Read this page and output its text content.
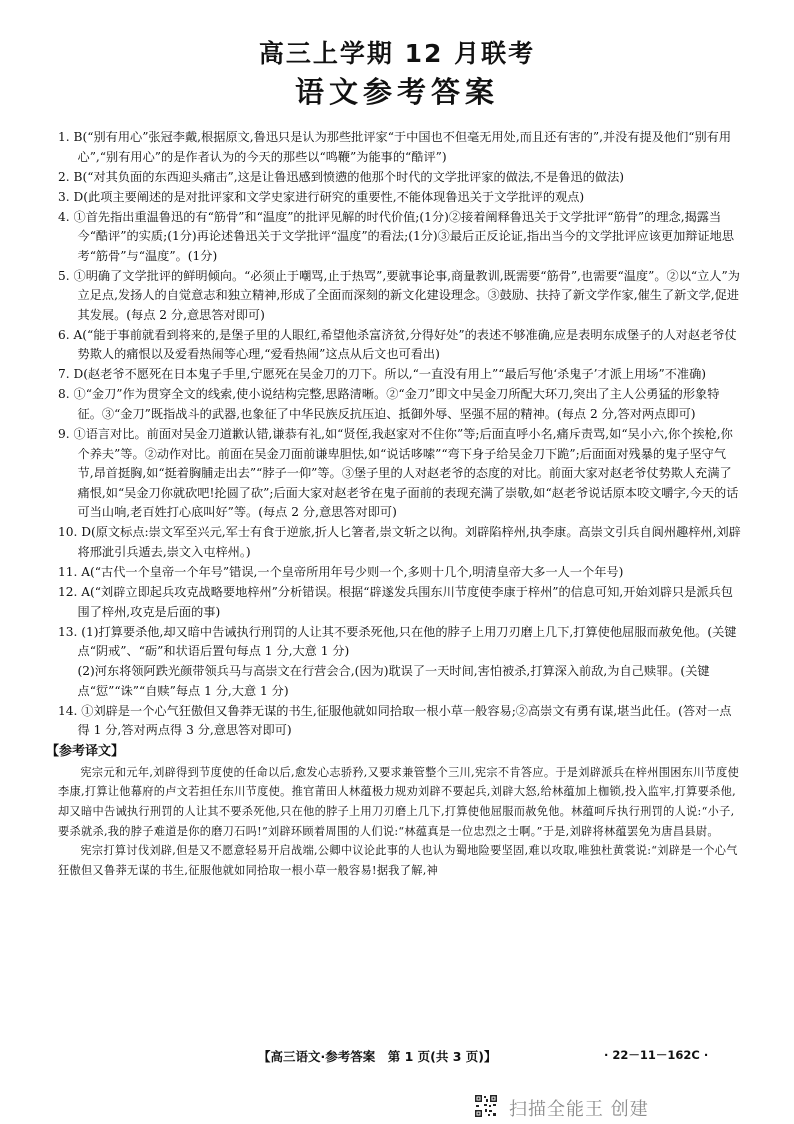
高三上学期 12 月联考
语文参考答案

1. B(“别有用心”张冠李戴,根据原文,鲁迅只是认为那些批评家“于中国也不但毫无用处,而且还有害的”,并没有提及他们“别有用心”,“别有用心”的是作者认为的今天的那些以“鸣鞭”为能事的“酷评”)

2. B(“对其负面的东西迎头痛击”,这是让鲁迅感到愤懑的他那个时代的文学批评家的做法,不是鲁迅的做法)

3. D(此项主要阐述的是对批评家和文学史家进行研究的重要性,不能体现鲁迅关于文学批评的观点)

4. ①首先指出重温鲁迅的有“筋骨”和“温度”的批评见解的时代价值;(1分)②接着阐释鲁迅关于文学批评“筋骨”的理念,揭露当今“酷评”的实质;(1分)再论述鲁迅关于文学批评“温度”的看法;(1分)③最后正反论证,指出当今的文学批评应该更加辩证地思考“筋骨”与“温度”。(1分)

5. ①明确了文学批评的鲜明倾向。“必须止于嘲骂,止于热骂”,要就事论事,商量教训,既需要“筋骨”,也需要“温度”。②以“立人”为立足点,发扬人的自觉意志和独立精神,形成了全面而深刻的新文化建设理念。③鼓励、扶持了新文学作家,催生了新文学,促进其发展。(每点 2 分,意思答对即可)

6. A(“能于事前就看到将来的,是堡子里的人眼红,希望他杀富济贫,分得好处”的表述不够准确,应是表明东成堡子的人对赵老爷仗势欺人的痛恨以及爱看热闹等心理,“爱看热闹”这点从后文也可看出)

7. D(赵老爷不愿死在日本鬼子手里,宁愿死在吴金刀的刀下。所以,“一直没有用上”“最后写他‘杀鬼子’才派上用场”不准确)

8. ①“金刀”作为贯穿全文的线索,使小说结构完整,思路清晰。②“金刀”即文中吴金刀所配大环刀,突出了主人公勇猛的形象特征。③“金刀”既指战斗的武器,也象征了中华民族反抗压迫、抵御外辱、坚强不屈的精神。(每点 2 分,答对两点即可)

9. ①语言对比。前面对吴金刀道歉认错,谦恭有礼,如“贤侄,我赵家对不住你”等;后面直呼小名,痛斥责骂,如“吴小六,你个挨枪,你个养夫”等。②动作对比。前面在吴金刀面前谦卑胆怯,如“说话哆嗦”“弯下身子给吴金刀下跪”;后面面对残暴的鬼子坚守气节,昂首挺胸,如“挺着胸脯走出去”“脖子一仰”等。③堡子里的人对赵老爷的态度的对比。前面大家对赵老爷仗势欺人充满了痛恨,如“吴金刀你就砍吧!抡圆了砍”;后面大家对赵老爷在鬼子面前的表现充满了崇敬,如“赵老爷说话原本咬文嚼字,今天的话可当山响,老百姓打心底叫好”等。(每点 2 分,意思答对即可)

10. D(原文标点:崇文军至兴元,军士有食于逆旅,折人匕箸者,崇文斩之以徇。刘辟陷梓州,执李康。高崇文引兵自阆州趣梓州,刘辟将邢泚引兵遁去,崇文入屯梓州。)

11. A(“古代一个皇帝一个年号”错误,一个皇帝所用年号少则一个,多则十几个,明清皇帝大多一人一个年号)

12. A(“刘辟立即起兵攻克战略要地梓州”分析错误。根据“辟遂发兵围东川节度使李康于梓州”的信息可知,开始刘辟只是派兵包围了梓州,攻克是后面的事)

13. (1)打算要杀他,却又暗中告诫执行刑罚的人让其不要杀死他,只在他的脖子上用刀刃磨上几下,打算使他屈服而赦免他。(关键点“阴戒”、“砺”和状语后置句每点 1 分,大意 1 分)

(2)河东将领阿跌光颜带领兵马与高崇文在行营会合,(因为)耽误了一天时间,害怕被杀,打算深入前敌,为自己赎罪。(关键点“愆”“诛”“自赎”每点 1 分,大意 1 分)

14. ①刘辟是一个心气狂傲但又鲁莽无谋的书生,征服他就如同拾取一根小草一般容易;②高崇文有勇有谋,堪当此任。(答对一点得 1 分,答对两点得 3 分,意思答对即可)

【参考译文】

宪宗元和元年,刘辟得到节度使的任命以后,愈发心志骄矜,又要求兼管整个三川,宪宗不肯答应。于是刘辟派兵在梓州围困东川节度使李康,打算让他幕府的卢文若担任东川节度使。推官莆田人林蕴极力规劝刘辟不要起兵,刘辟大怒,给林蕴加上枷锁,投入监牢,打算要杀他,却又暗中告诫执行刑罚的人让其不要杀死他,只在他的脖子上用刀刃磨上几下,打算使他屈服而赦免他。林蕴呵斥执行刑罚的人说:“小子,要杀就杀,我的脖子难道是你的磨刀石吗!”刘辟环顾着周围的人们说:“林蕴真是一位忠烈之士啊。”于是,刘辟将林蕴罢免为唐昌县尉。

宪宗打算讨伐刘辟,但是又不愿意轻易开启战端,公卿中议论此事的人也认为蜀地险要坚固,难以攻取,唯独杜黄裳说:“刘辟是一个心气狂傲但又鲁莽无谋的书生,征服他就如同拾取一根小草一般容易!据我了解,神

【高三语文·参考答案　第 1 页(共 3 页)】	· 22－11－162C ·
扫描全能王 创建
